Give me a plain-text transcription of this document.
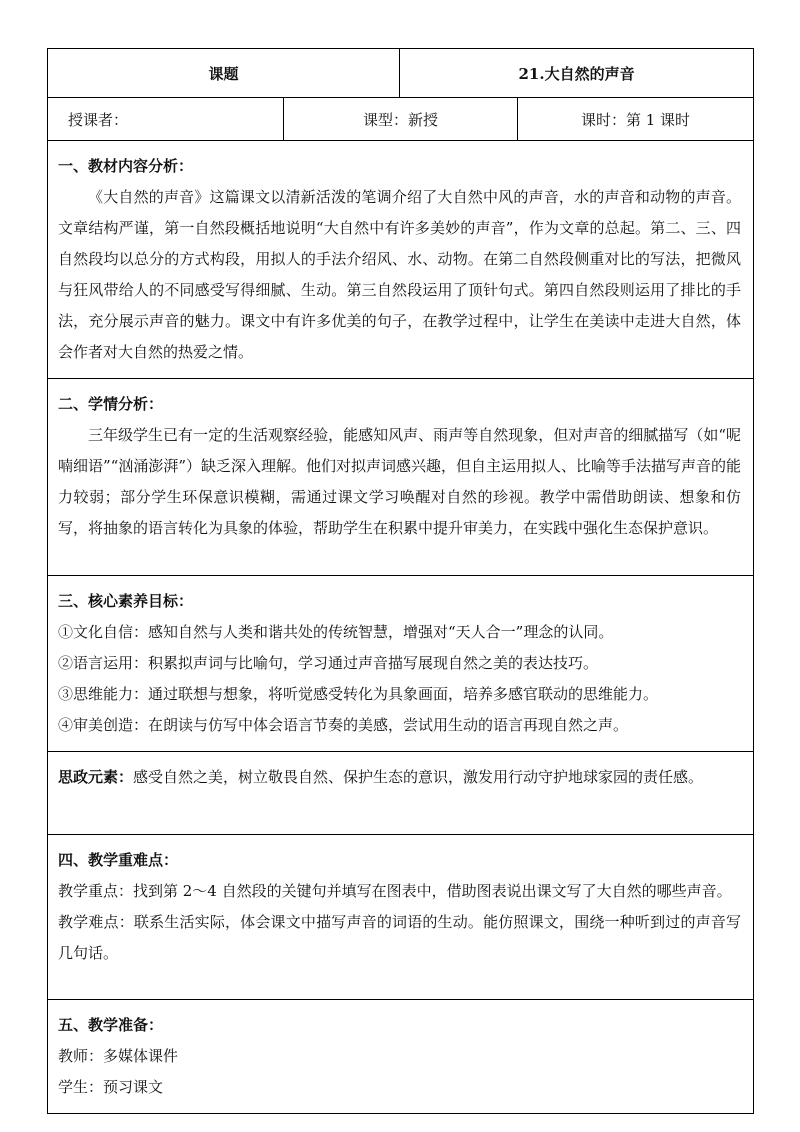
课题		21.大自然的声音	
授课者：	课型：新授		课时：第 1 课时

一、教材内容分析：

《大自然的声音》这篇课文以清新活泼的笔调介绍了大自然中风的声音，水的声音和动物的声音。文章结构严谨，第一自然段概括地说明“大自然中有许多美妙的声音”，作为文章的总起。第二、三、四自然段均以总分的方式构段，用拟人的手法介绍风、水、动物。在第二自然段侧重对比的写法，把微风与狂风带给人的不同感受写得细腻、生动。第三自然段运用了顶针句式。第四自然段则运用了排比的手法，充分展示声音的魅力。课文中有许多优美的句子，在教学过程中，让学生在美读中走进大自然，体会作者对大自然的热爱之情。			

二、学情分析：

三年级学生已有一定的生活观察经验，能感知风声、雨声等自然现象，但对声音的细腻描写（如“呢喃细语”“汹涌澎湃”）缺乏深入理解。他们对拟声词感兴趣，但自主运用拟人、比喻等手法描写声音的能力较弱；部分学生环保意识模糊，需通过课文学习唤醒对自然的珍视。教学中需借助朗读、想象和仿写，将抽象的语言转化为具象的体验，帮助学生在积累中提升审美力，在实践中强化生态保护意识。			

三、核心素养目标：

①文化自信：感知自然与人类和谐共处的传统智慧，增强对“天人合一”理念的认同。

②语言运用：积累拟声词与比喻句，学习通过声音描写展现自然之美的表达技巧。

③思维能力：通过联想与想象，将听觉感受转化为具象画面，培养多感官联动的思维能力。

④审美创造：在朗读与仿写中体会语言节奏的美感，尝试用生动的语言再现自然之声。			

思政元素：感受自然之美，树立敬畏自然、保护生态的意识，激发用行动守护地球家园的责任感。			

四、教学重难点：

教学重点：找到第 2～4 自然段的关键句并填写在图表中，借助图表说出课文写了大自然的哪些声音。

教学难点：联系生活实际，体会课文中描写声音的词语的生动。能仿照课文，围绕一种听到过的声音写几句话。			

五、教学准备：

教师：多媒体课件

学生：预习课文			
